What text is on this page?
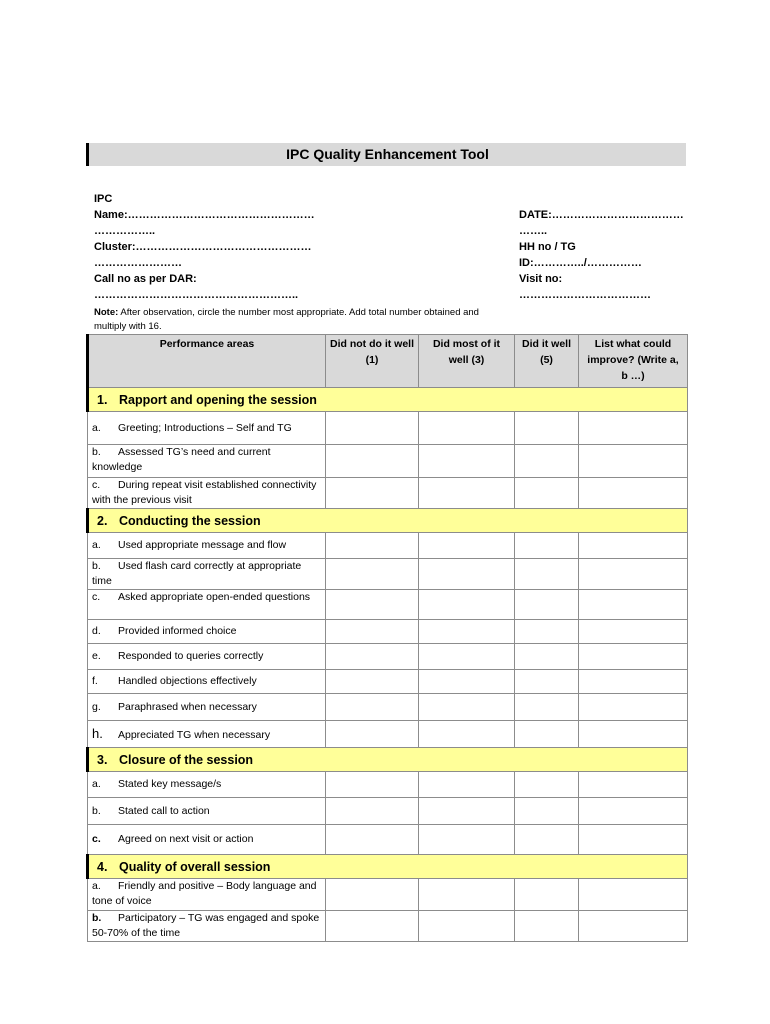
IPC Quality Enhancement Tool
IPC
Name:……………………………………………
……………..
Cluster:…………………………………………
……………………
Call no as per DAR:
………………………………………………..
DATE:………………………………
……..
HH no / TG
ID:…………../……………
Visit no:
………………………………
Note: After observation, circle the number most appropriate. Add total number obtained and multiply with 16.
Performance areas	Did not do it well (1)	Did most of it well (3)	Did it well (5)	List what could improve? (Write a, b …)
1. Rapport and opening the session				
a. Greeting; Introductions – Self and TG				
b. Assessed TG’s need and current knowledge				
c. During repeat visit established connectivity with the previous visit				
2. Conducting the session				
a. Used appropriate message and flow				
b. Used flash card correctly at appropriate time				
c. Asked appropriate open-ended questions				
d. Provided informed choice				
e. Responded to queries correctly				
f. Handled objections effectively				
g. Paraphrased when necessary				
h. Appreciated TG when necessary				
3. Closure of the session				
a. Stated key message/s				
b. Stated call to action				
c. Agreed on next visit or action				
4. Quality of overall session				
a. Friendly and positive – Body language and tone of voice				
b. Participatory – TG was engaged and spoke 50-70% of the time				
